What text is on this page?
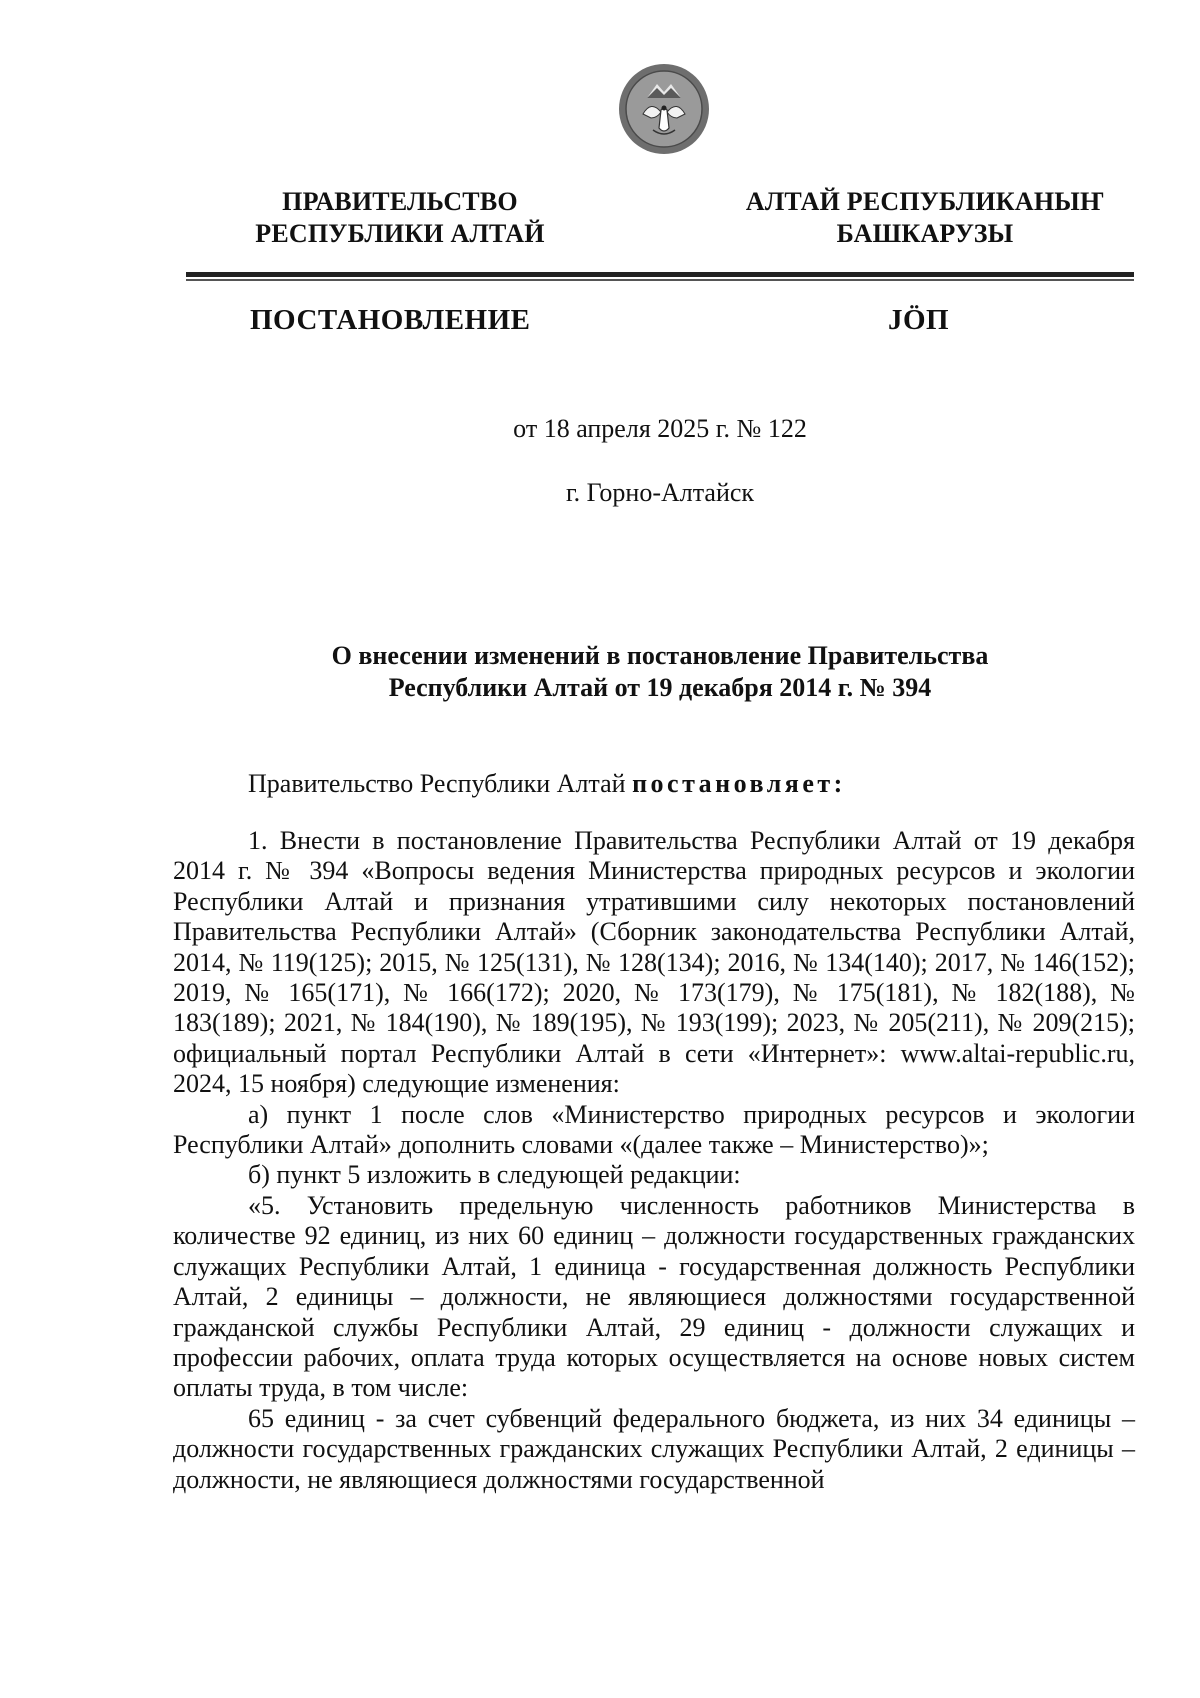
ПРАВИТЕЛЬСТВО
РЕСПУБЛИКИ АЛТАЙ
АЛТАЙ РЕСПУБЛИКАНЫҤ
БАШКАРУЗЫ
ПОСТАНОВЛЕНИЕ	JӦП
от 18 апреля 2025 г. № 122
г. Горно-Алтайск
О внесении изменений в постановление Правительства
Республики Алтай от 19 декабря 2014 г. № 394
Правительство Республики Алтай постановляет:

1. Внести в постановление Правительства Республики Алтай от 19 декабря 2014 г. № 394 «Вопросы ведения Министерства природных ресурсов и экологии Республики Алтай и признания утратившими силу некоторых постановлений Правительства Республики Алтай» (Сборник законодательства Республики Алтай, 2014, № 119(125); 2015, № 125(131), № 128(134); 2016, № 134(140); 2017, № 146(152); 2019, № 165(171), № 166(172); 2020, № 173(179), № 175(181), № 182(188), № 183(189); 2021, № 184(190), № 189(195), № 193(199); 2023, № 205(211), № 209(215); официальный портал Республики Алтай в сети «Интернет»: www.altai-republic.ru, 2024, 15 ноября) следующие изменения:

а) пункт 1 после слов «Министерство природных ресурсов и экологии Республики Алтай» дополнить словами «(далее также – Министерство)»;

б) пункт 5 изложить в следующей редакции:

«5. Установить предельную численность работников Министерства в количестве 92 единиц, из них 60 единиц – должности государственных гражданских служащих Республики Алтай, 1 единица - государственная должность Республики Алтай, 2 единицы – должности, не являющиеся должностями государственной гражданской службы Республики Алтай, 29 единиц - должности служащих и профессии рабочих, оплата труда которых осуществляется на основе новых систем оплаты труда, в том числе:

65 единиц - за счет субвенций федерального бюджета, из них 34 единицы – должности государственных гражданских служащих Республики Алтай, 2 единицы – должности, не являющиеся должностями государственной
